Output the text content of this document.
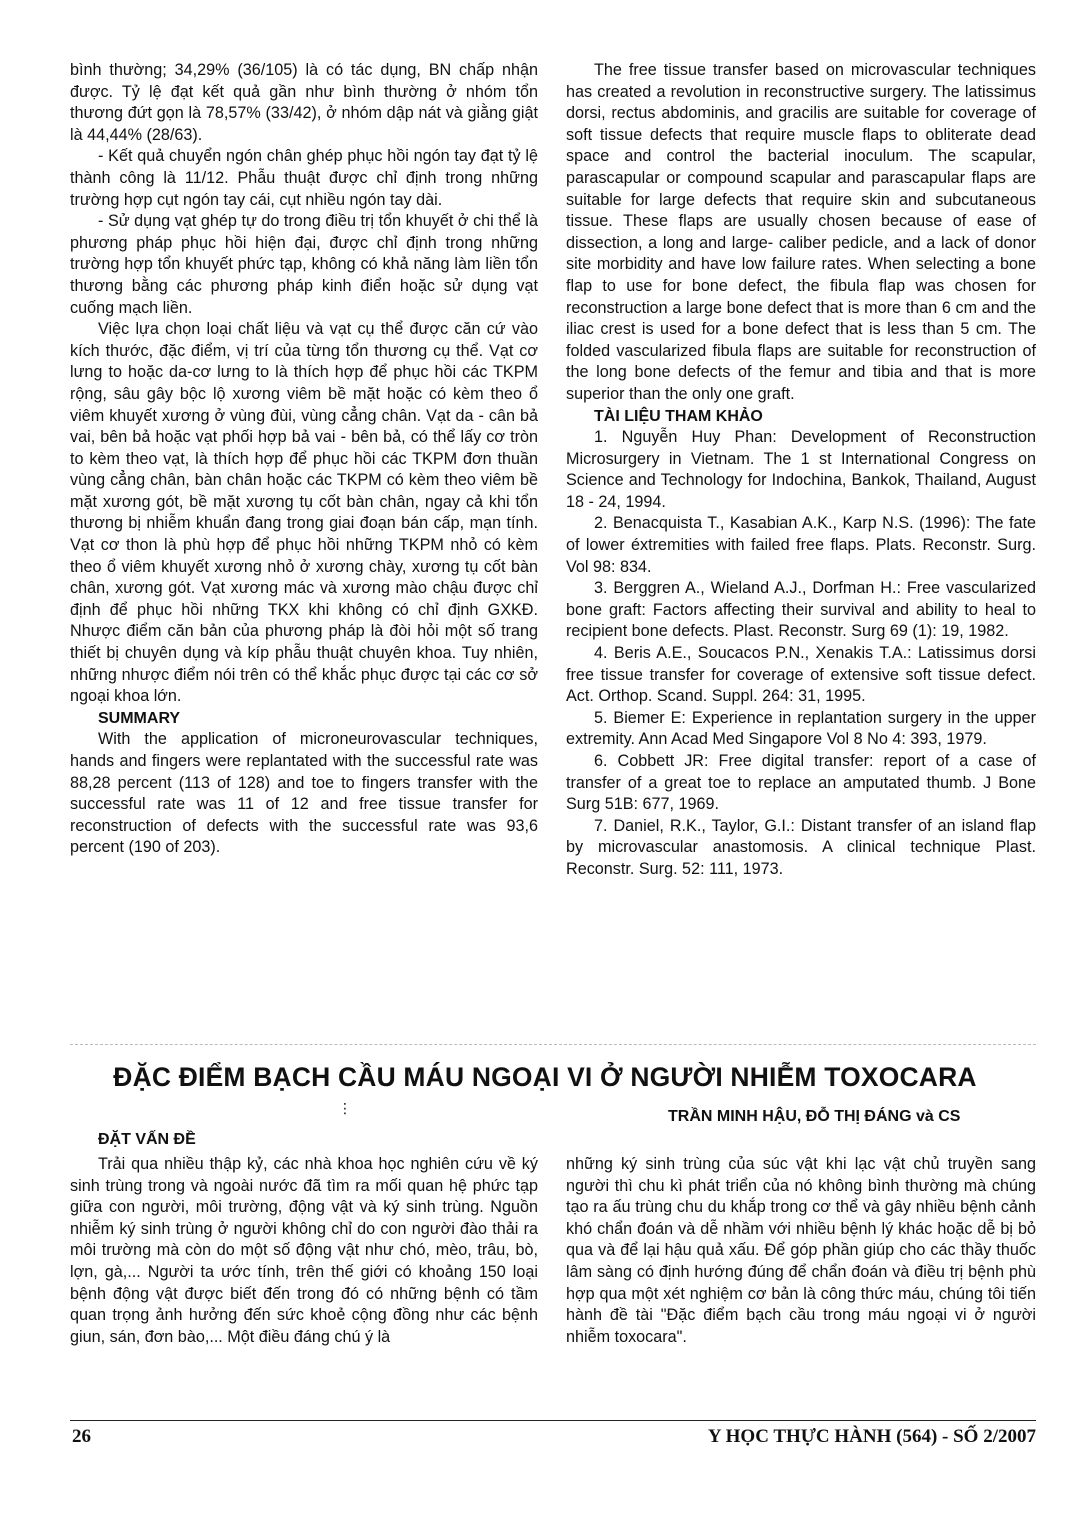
bình thường; 34,29% (36/105) là có tác dụng, BN chấp nhận được. Tỷ lệ đạt kết quả gần như bình thường ở nhóm tổn thương đứt gọn là 78,57% (33/42), ở nhóm dập nát và giằng giật là 44,44% (28/63).

- Kết quả chuyển ngón chân ghép phục hồi ngón tay đạt tỷ lệ thành công là 11/12. Phẫu thuật được chỉ định trong những trường hợp cụt ngón tay cái, cụt nhiều ngón tay dài.

- Sử dụng vạt ghép tự do trong điều trị tổn khuyết ở chi thể là phương pháp phục hồi hiện đại, được chỉ định trong những trường hợp tổn khuyết phức tạp, không có khả năng làm liền tổn thương bằng các phương pháp kinh điển hoặc sử dụng vạt cuống mạch liền.

Việc lựa chọn loại chất liệu và vạt cụ thể được căn cứ vào kích thước, đặc điểm, vị trí của từng tổn thương cụ thể. Vạt cơ lưng to hoặc da-cơ lưng to là thích hợp để phục hồi các TKPM rộng, sâu gây bộc lộ xương viêm bề mặt hoặc có kèm theo ổ viêm khuyết xương ở vùng đùi, vùng cẳng chân. Vạt da - cân bả vai, bên bả hoặc vạt phối hợp bả vai - bên bả, có thể lấy cơ tròn to kèm theo vạt, là thích hợp để phục hồi các TKPM đơn thuần vùng cẳng chân, bàn chân hoặc các TKPM có kèm theo viêm bề mặt xương gót, bề mặt xương tụ cốt bàn chân, ngay cả khi tổn thương bị nhiễm khuẩn đang trong giai đoạn bán cấp, mạn tính. Vạt cơ thon là phù hợp để phục hồi những TKPM nhỏ có kèm theo ổ viêm khuyết xương nhỏ ở xương chày, xương tụ cốt bàn chân, xương gót. Vạt xương mác và xương mào chậu được chỉ định để phục hồi những TKX khi không có chỉ định GXKĐ. Nhược điểm căn bản của phương pháp là đòi hỏi một số trang thiết bị chuyên dụng và kíp phẫu thuật chuyên khoa. Tuy nhiên, những nhược điểm nói trên có thể khắc phục được tại các cơ sở ngoại khoa lớn.

SUMMARY

With the application of microneurovascular techniques, hands and fingers were replantated with the successful rate was 88,28 percent (113 of 128) and toe to fingers transfer with the successful rate was 11 of 12 and free tissue transfer for reconstruction of defects with the successful rate was 93,6 percent (190 of 203).

The free tissue transfer based on microvascular techniques has created a revolution in reconstructive surgery. The latissimus dorsi, rectus abdominis, and gracilis are suitable for coverage of soft tissue defects that require muscle flaps to obliterate dead space and control the bacterial inoculum. The scapular, parascapular or compound scapular and parascapular flaps are suitable for large defects that require skin and subcutaneous tissue. These flaps are usually chosen because of ease of dissection, a long and large- caliber pedicle, and a lack of donor site morbidity and have low failure rates. When selecting a bone flap to use for bone defect, the fibula flap was chosen for reconstruction a large bone defect that is more than 6 cm and the iliac crest is used for a bone defect that is less than 5 cm. The folded vascularized fibula flaps are suitable for reconstruction of the long bone defects of the femur and tibia and that is more superior than the only one graft.

TÀI LIỆU THAM KHẢO

1. Nguyễn Huy Phan: Development of Reconstruction Microsurgery in Vietnam. The 1 st International Congress on Science and Technology for Indochina, Bankok, Thailand, August 18 - 24, 1994.

2. Benacquista T., Kasabian A.K., Karp N.S. (1996): The fate of lower éxtremities with failed free flaps. Plats. Reconstr. Surg. Vol 98: 834.

3. Berggren A., Wieland A.J., Dorfman H.: Free vascularized bone graft: Factors affecting their survival and ability to heal to recipient bone defects. Plast. Reconstr. Surg 69 (1): 19, 1982.

4. Beris A.E., Soucacos P.N., Xenakis T.A.: Latissimus dorsi free tissue transfer for coverage of extensive soft tissue defect. Act. Orthop. Scand. Suppl. 264: 31, 1995.

5. Biemer E: Experience in replantation surgery in the upper extremity. Ann Acad Med Singapore Vol 8 No 4: 393, 1979.

6. Cobbett JR: Free digital transfer: report of a case of transfer of a great toe to replace an amputated thumb. J Bone Surg 51B: 677, 1969.

7. Daniel, R.K., Taylor, G.I.: Distant transfer of an island flap by microvascular anastomosis. A clinical technique Plast. Reconstr. Surg. 52: 111, 1973.

ĐẶC ĐIỂM BẠCH CẦU MÁU NGOẠI VI Ở NGƯỜI NHIỄM TOXOCARA
⋮	TRẦN MINH HẬU, ĐỖ THỊ ĐÁNG và CS

ĐẶT VẤN ĐỀ

Trải qua nhiều thập kỷ, các nhà khoa học nghiên cứu về ký sinh trùng trong và ngoài nước đã tìm ra mối quan hệ phức tạp giữa con người, môi trường, động vật và ký sinh trùng. Nguồn nhiễm ký sinh trùng ở người không chỉ do con người đào thải ra môi trường mà còn do một số động vật như chó, mèo, trâu, bò, lợn, gà,... Người ta ước tính, trên thế giới có khoảng 150 loại bệnh động vật được biết đến trong đó có những bệnh có tầm quan trọng ảnh hưởng đến sức khoẻ cộng đồng như các bệnh giun, sán, đơn bào,... Một điều đáng chú ý là

những ký sinh trùng của súc vật khi lạc vật chủ truyền sang người thì chu kì phát triển của nó không bình thường mà chúng tạo ra ấu trùng chu du khắp trong cơ thể và gây nhiều bệnh cảnh khó chẩn đoán và dễ nhầm với nhiều bệnh lý khác hoặc dễ bị bỏ qua và để lại hậu quả xấu. Để góp phần giúp cho các thầy thuốc lâm sàng có định hướng đúng để chẩn đoán và điều trị bệnh phù hợp qua một xét nghiệm cơ bản là công thức máu, chúng tôi tiến hành đề tài "Đặc điểm bạch cầu trong máu ngoại vi ở người nhiễm toxocara".

26	Y HỌC THỰC HÀNH (564) - SỐ 2/2007
